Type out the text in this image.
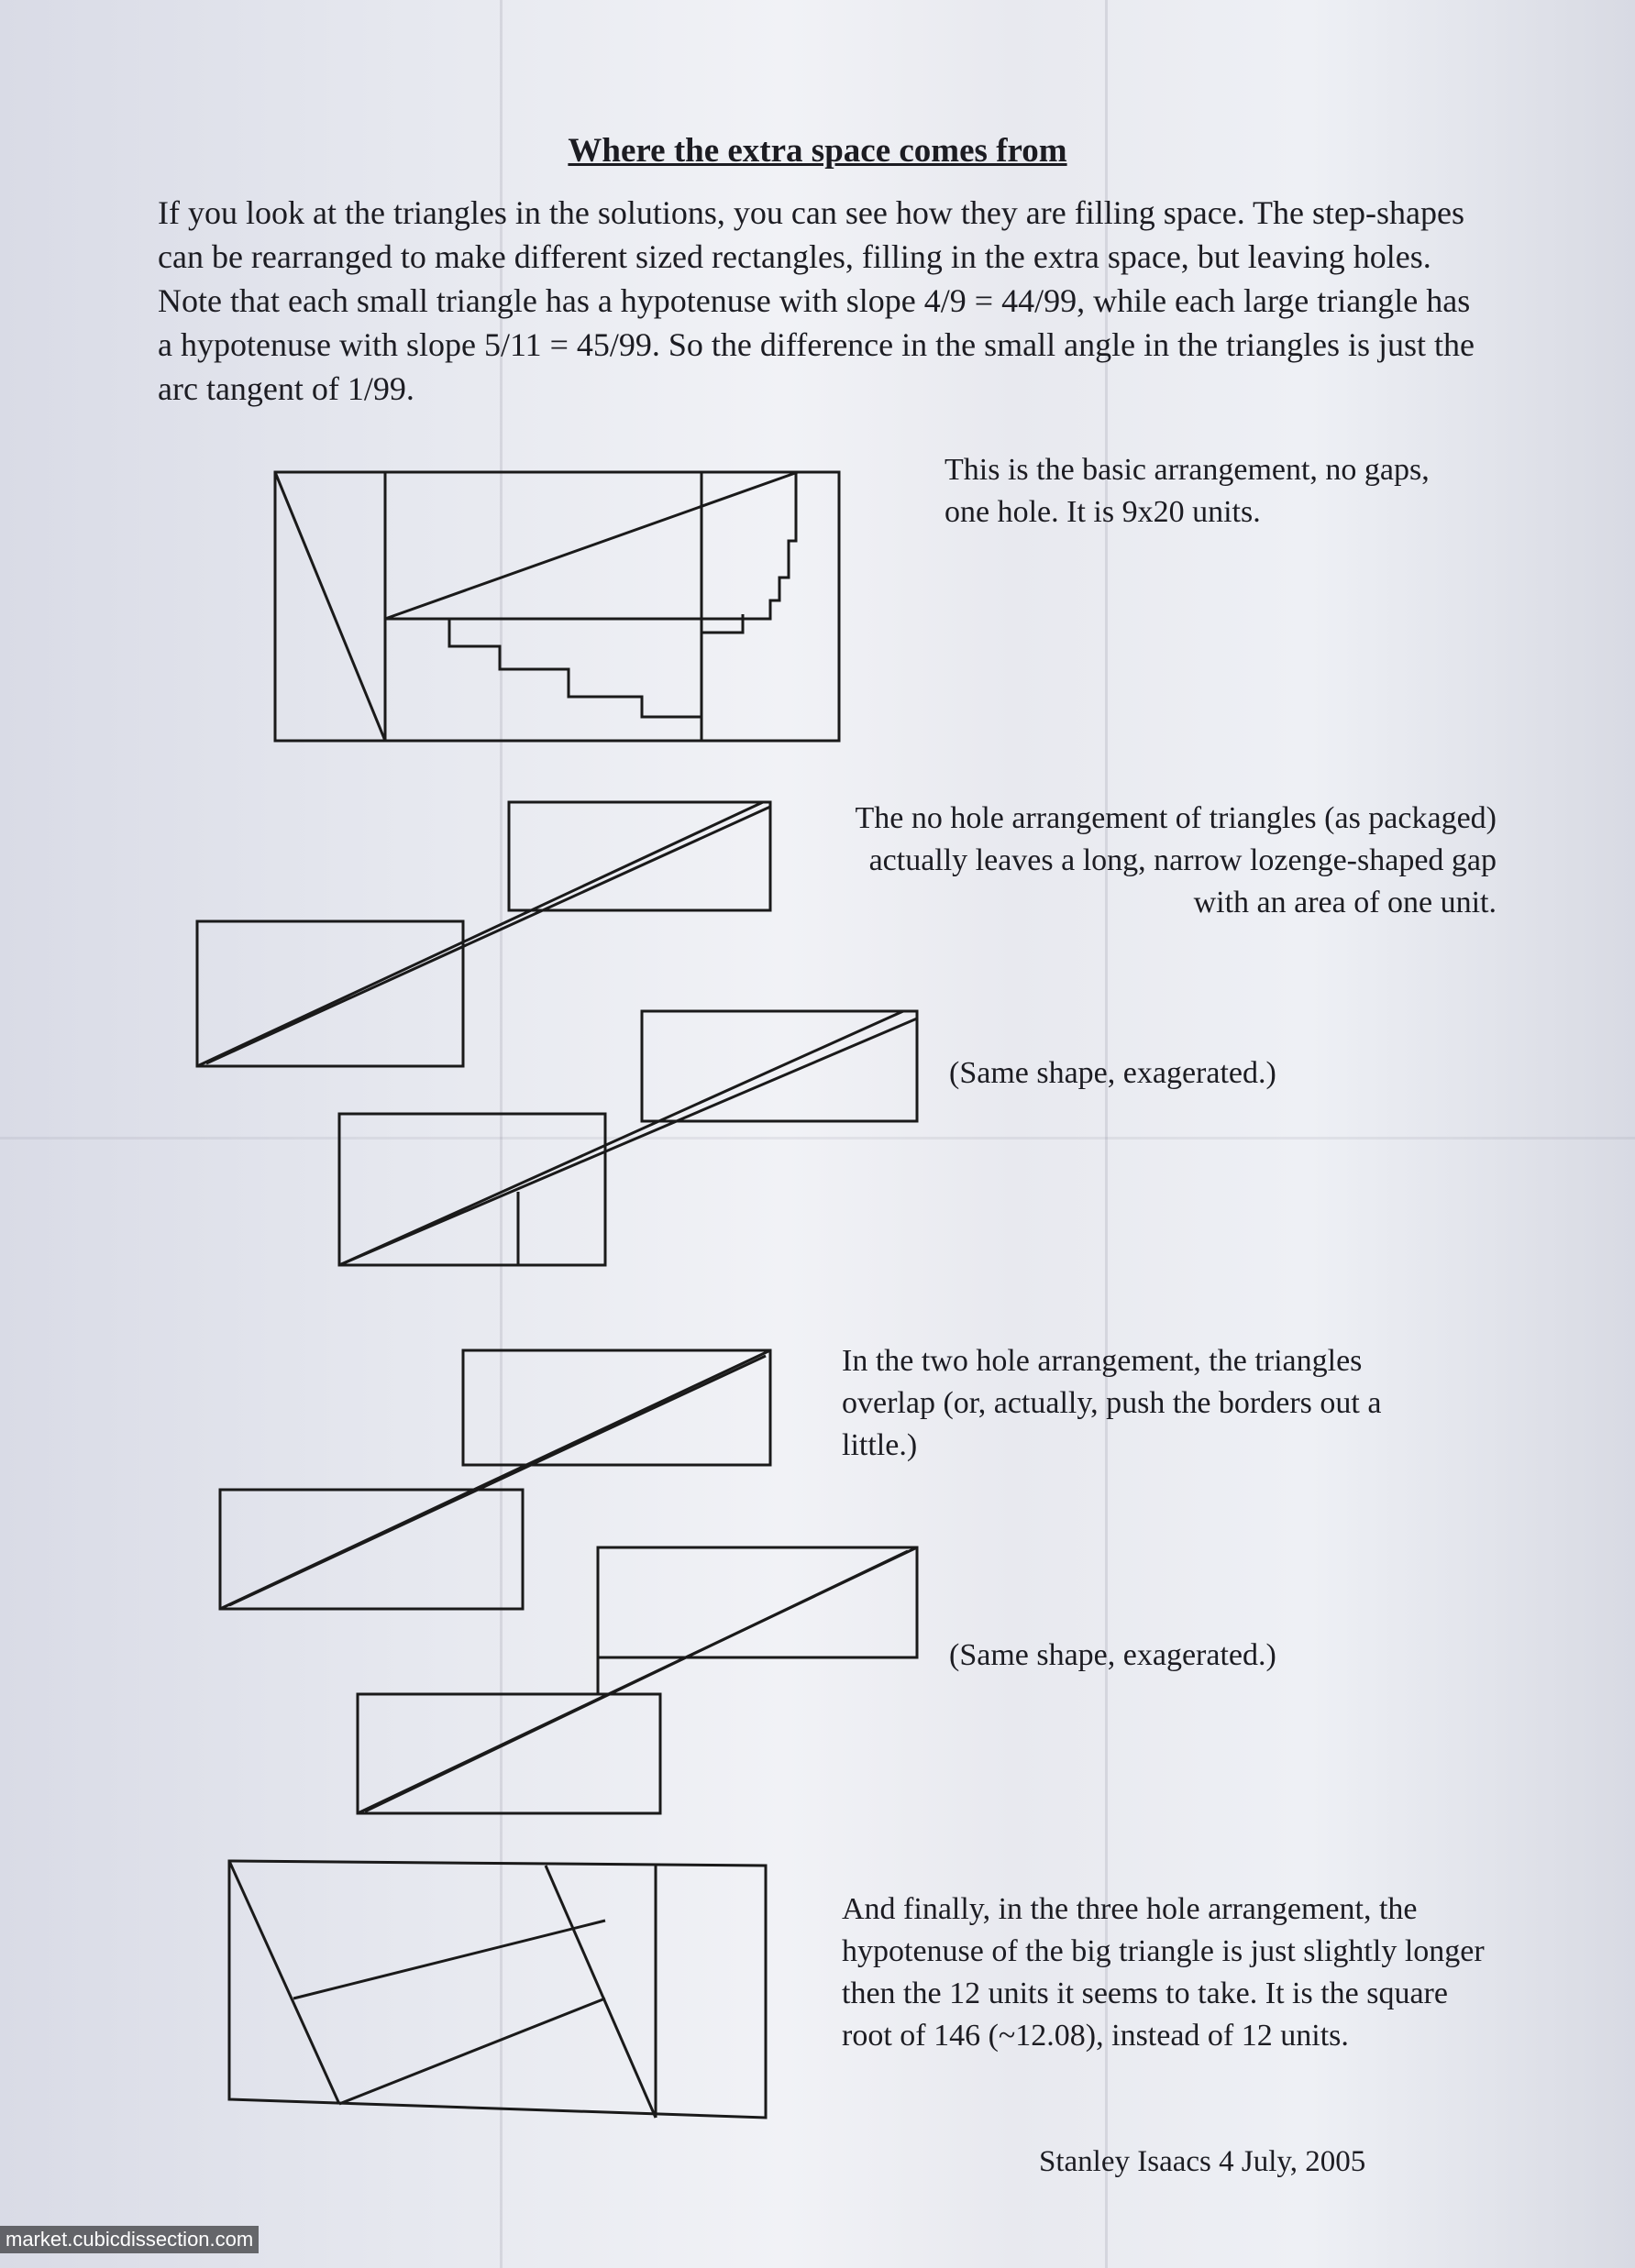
Where the extra space comes from

If you look at the triangles in the solutions, you can see how they are filling space. The step-shapes can be rearranged to make different sized rectangles, filling in the extra space, but leaving holes. Note that each small triangle has a hypotenuse with slope 4/9 = 44/99, while each large triangle has a hypotenuse with slope 5/11 = 45/99. So the difference in the small angle in the triangles is just the arc tangent of 1/99.

This is the basic arrangement, no gaps, one hole. It is 9x20 units.

The no hole arrangement of triangles (as packaged) actually leaves a long, narrow lozenge-shaped gap with an area of one unit.

(Same shape, exagerated.)

In the two hole arrangement, the triangles overlap (or, actually, push the borders out a little.)

(Same shape, exagerated.)

And finally, in the three hole arrangement, the hypotenuse of the big triangle is just slightly longer then the 12 units it seems to take. It is the square root of 146 (~12.08), instead of 12 units.

Stanley Isaacs 4 July, 2005
market.cubicdissection.com
